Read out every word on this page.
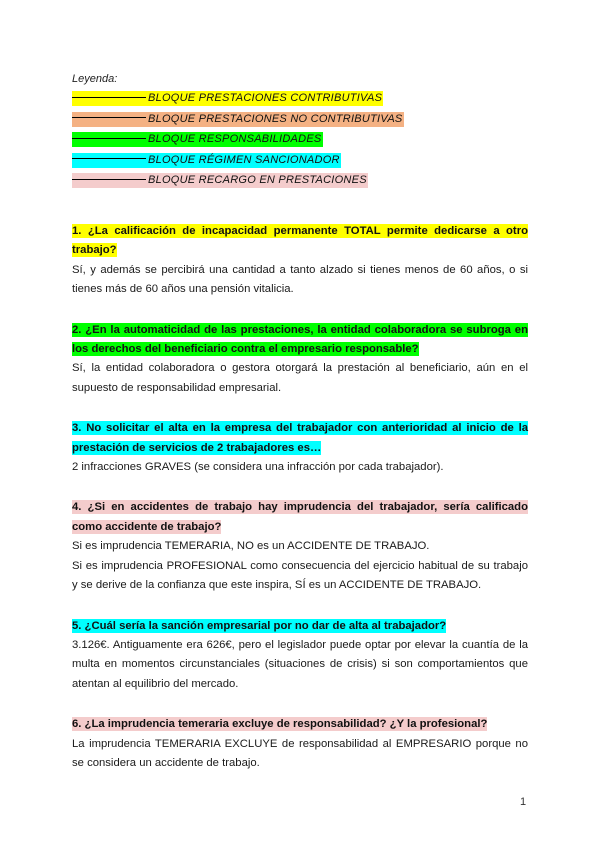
Leyenda:
BLOQUE PRESTACIONES CONTRIBUTIVAS
BLOQUE PRESTACIONES NO CONTRIBUTIVAS
BLOQUE RESPONSABILIDADES
BLOQUE RÉGIMEN SANCIONADOR
BLOQUE RECARGO EN PRESTACIONES
1. ¿La calificación de incapacidad permanente TOTAL permite dedicarse a otro trabajo?

Sí, y además se percibirá una cantidad a tanto alzado si tienes menos de 60 años, o si tienes más de 60 años una pensión vitalicia.

2. ¿En la automaticidad de las prestaciones, la entidad colaboradora se subroga en los derechos del beneficiario contra el empresario responsable?

Sí, la entidad colaboradora o gestora otorgará la prestación al beneficiario, aún en el supuesto de responsabilidad empresarial.

3. No solicitar el alta en la empresa del trabajador con anterioridad al inicio de la prestación de servicios de 2 trabajadores es…

2 infracciones GRAVES (se considera una infracción por cada trabajador).

4. ¿Si en accidentes de trabajo hay imprudencia del trabajador, sería calificado como accidente de trabajo?

Si es imprudencia TEMERARIA, NO es un ACCIDENTE DE TRABAJO.

Si es imprudencia PROFESIONAL como consecuencia del ejercicio habitual de su trabajo y se derive de la confianza que este inspira, SÍ es un ACCIDENTE DE TRABAJO.

5. ¿Cuál sería la sanción empresarial por no dar de alta al trabajador?

3.126€. Antiguamente era 626€, pero el legislador puede optar por elevar la cuantía de la multa en momentos circunstanciales (situaciones de crisis) si son comportamientos que atentan al equilibrio del mercado.

6. ¿La imprudencia temeraria excluye de responsabilidad? ¿Y la profesional?

La imprudencia TEMERARIA EXCLUYE de responsabilidad al EMPRESARIO porque no se considera un accidente de trabajo.

1
